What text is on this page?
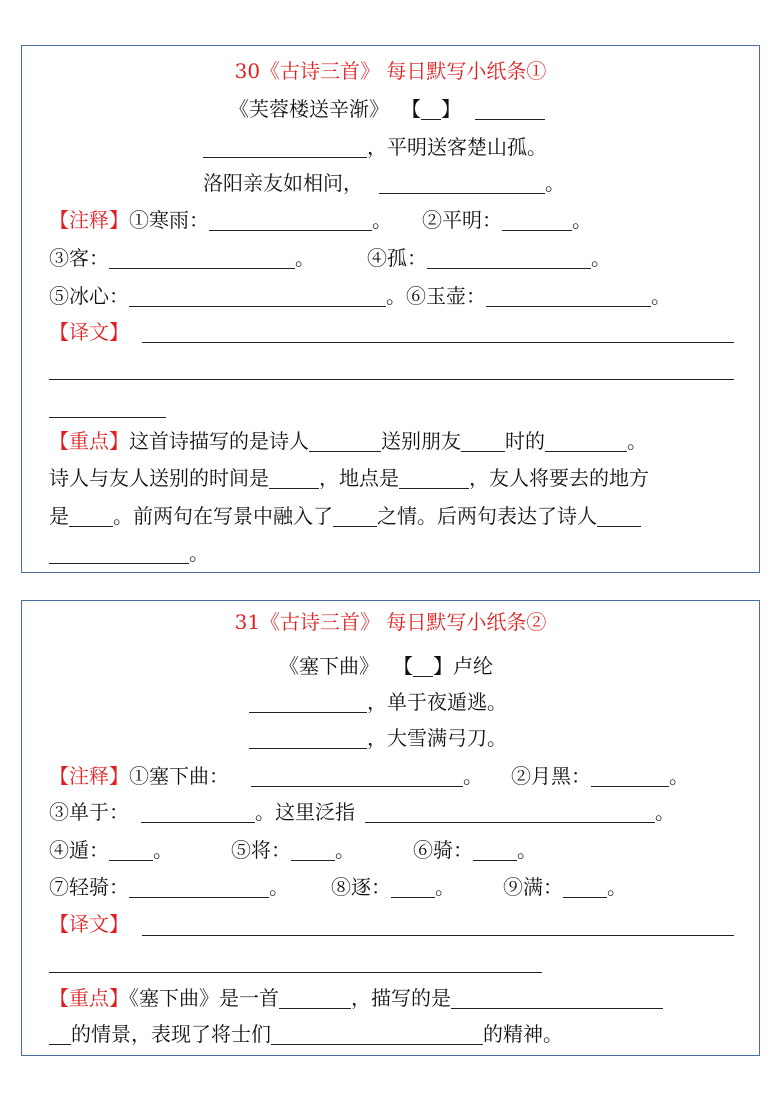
30《古诗三首》 每日默写小纸条①
《芙蓉楼送辛渐》 【 】
，平明送客楚山孤。
洛阳亲友如相问，	。
【注释】①寒雨：	。 ②平明：	。
③客：	。	④孤：	。
⑤冰心：	。⑥玉壶：	。
【译文】
【重点】这首诗描写的是诗人	送别朋友 时的	。
诗人与友人送别的时间是	，地点是	，友人将要去的地方
是 。前两句在写景中融入了 之情。后两句表达了诗人
。
31《古诗三首》 每日默写小纸条②
《塞下曲》 【 】卢纶
，单于夜遁逃。
，大雪满弓刀。
【注释】①塞下曲：	。 ②月黑：	。
③单于：	。这里泛指	。
④遁： 。	⑤将： 。	⑥骑： 。
⑦轻骑：	。 ⑧逐： 。 ⑨满： 。
【译文】
【重点】《塞下曲》是一首	，描写的是
的情景，表现了将士们	的精神。
